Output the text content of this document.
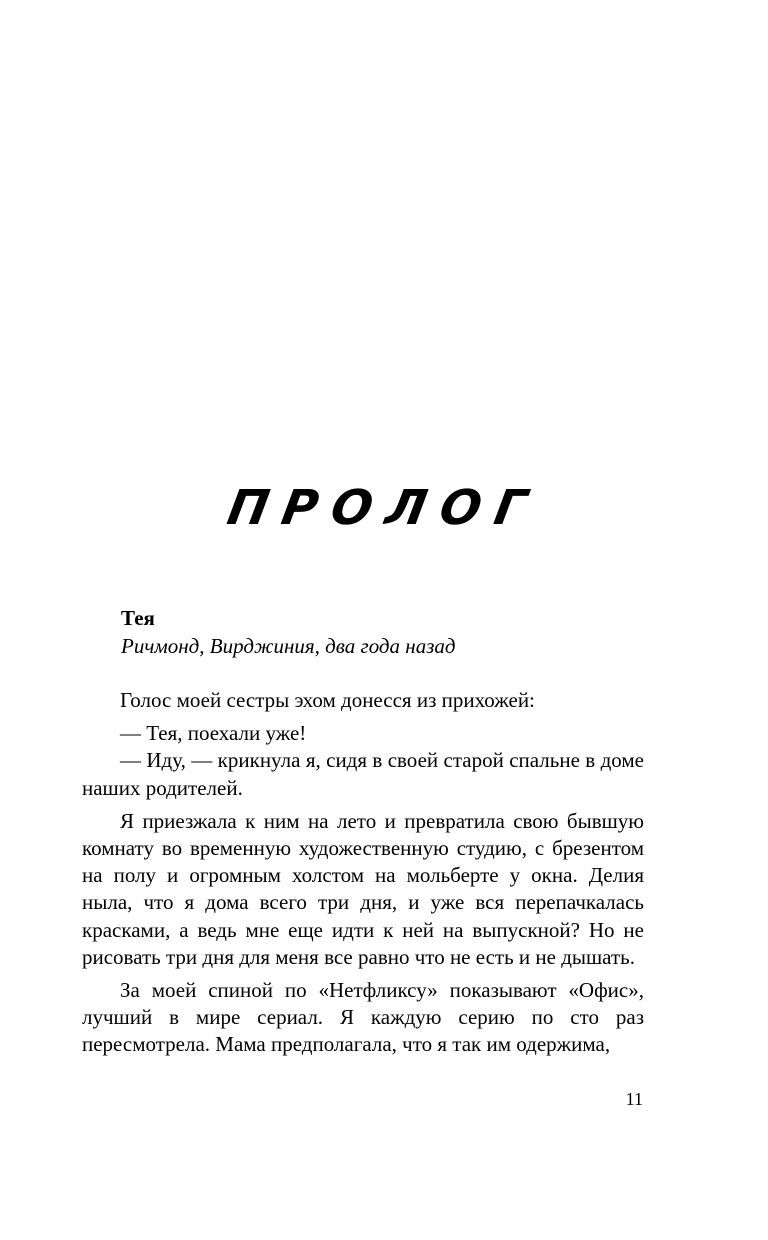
ПРОЛОГ
Тея
Ричмонд, Вирджиния, два года назад

Голос моей сестры эхом донесся из прихожей:

— Тея, поехали уже!

— Иду, — крикнула я, сидя в своей старой спальне в доме наших родителей.

Я приезжала к ним на лето и превратила свою бывшую комнату во временную художественную студию, с брезентом на полу и огромным холстом на мольберте у окна. Делия ныла, что я дома всего три дня, и уже вся перепачкалась красками, а ведь мне еще идти к ней на выпускной? Но не рисовать три дня для меня все равно что не есть и не дышать.

За моей спиной по «Нетфликсу» показывают «Офис», лучший в мире сериал. Я каждую серию по сто раз пересмотрела. Мама предполагала, что я так им одержима,

11
